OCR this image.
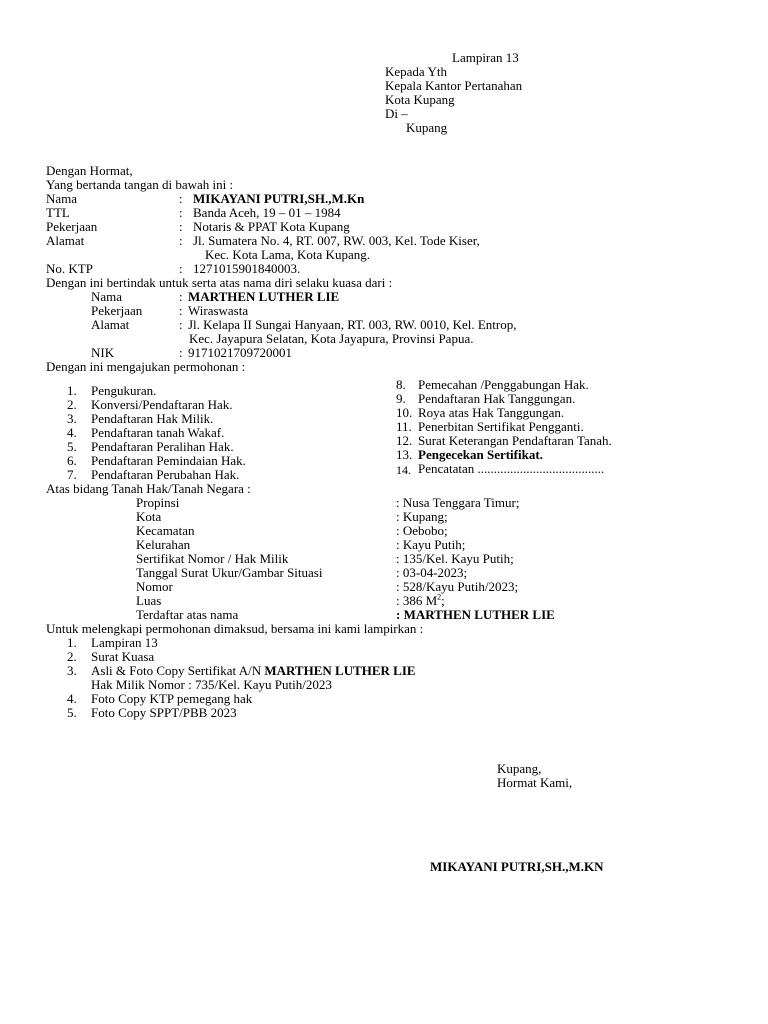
Lampiran 13
Kepada Yth
Kepala Kantor Pertanahan
Kota Kupang
Di –
Kupang
Dengan Hormat,
Yang bertanda tangan di bawah ini :
Nama	: MIKAYANI PUTRI,SH.,M.Kn
TTL	: Banda Aceh, 19 – 01 – 1984
Pekerjaan	: Notaris & PPAT Kota Kupang
Alamat	: Jl. Sumatera No. 4, RT. 007, RW. 003, Kel. Tode Kiser,
Kec. Kota Lama, Kota Kupang.
No. KTP	: 1271015901840003.
Dengan ini bertindak untuk serta atas nama diri selaku kuasa dari :
Nama	: MARTHEN LUTHER LIE
Pekerjaan	: Wiraswasta
Alamat	: Jl. Kelapa II Sungai Hanyaan, RT. 003, RW. 0010, Kel. Entrop,
Kec. Jayapura Selatan, Kota Jayapura, Provinsi Papua.
NIK	: 9171021709720001
Dengan ini mengajukan permohonan :
1. Pengukuran.
2. Konversi/Pendaftaran Hak.
3. Pendaftaran Hak Milik.
4. Pendaftaran tanah Wakaf.
5. Pendaftaran Peralihan Hak.
6. Pendaftaran Pemindaian Hak.
7. Pendaftaran Perubahan Hak.
8. Pemecahan /Penggabungan Hak.
9. Pendaftaran Hak Tanggungan.
10. Roya atas Hak Tanggungan.
11. Penerbitan Sertifikat Pengganti.
12. Surat Keterangan Pendaftaran Tanah.
13. Pengecekan Sertifikat.
14. Pencatatan .......................................
Atas bidang Tanah Hak/Tanah Negara :
Propinsi	: Nusa Tenggara Timur;
Kota	: Kupang;
Kecamatan	: Oebobo;
Kelurahan	: Kayu Putih;
Sertifikat Nomor / Hak Milik	: 135/Kel. Kayu Putih;
Tanggal Surat Ukur/Gambar Situasi	: 03-04-2023;
Nomor	: 528/Kayu Putih/2023;
Luas	: 386 $M^2$;
Terdaftar atas nama	: MARTHEN LUTHER LIE
Untuk melengkapi permohonan dimaksud, bersama ini kami lampirkan :
1. Lampiran 13
2. Surat Kuasa
3. Asli & Foto Copy Sertifikat A/N MARTHEN LUTHER LIE
Hak Milik Nomor : 735/Kel. Kayu Putih/2023
4. Foto Copy KTP pemegang hak
5. Foto Copy SPPT/PBB 2023
Kupang,
Hormat Kami,
MIKAYANI PUTRI,SH.,M.KN
